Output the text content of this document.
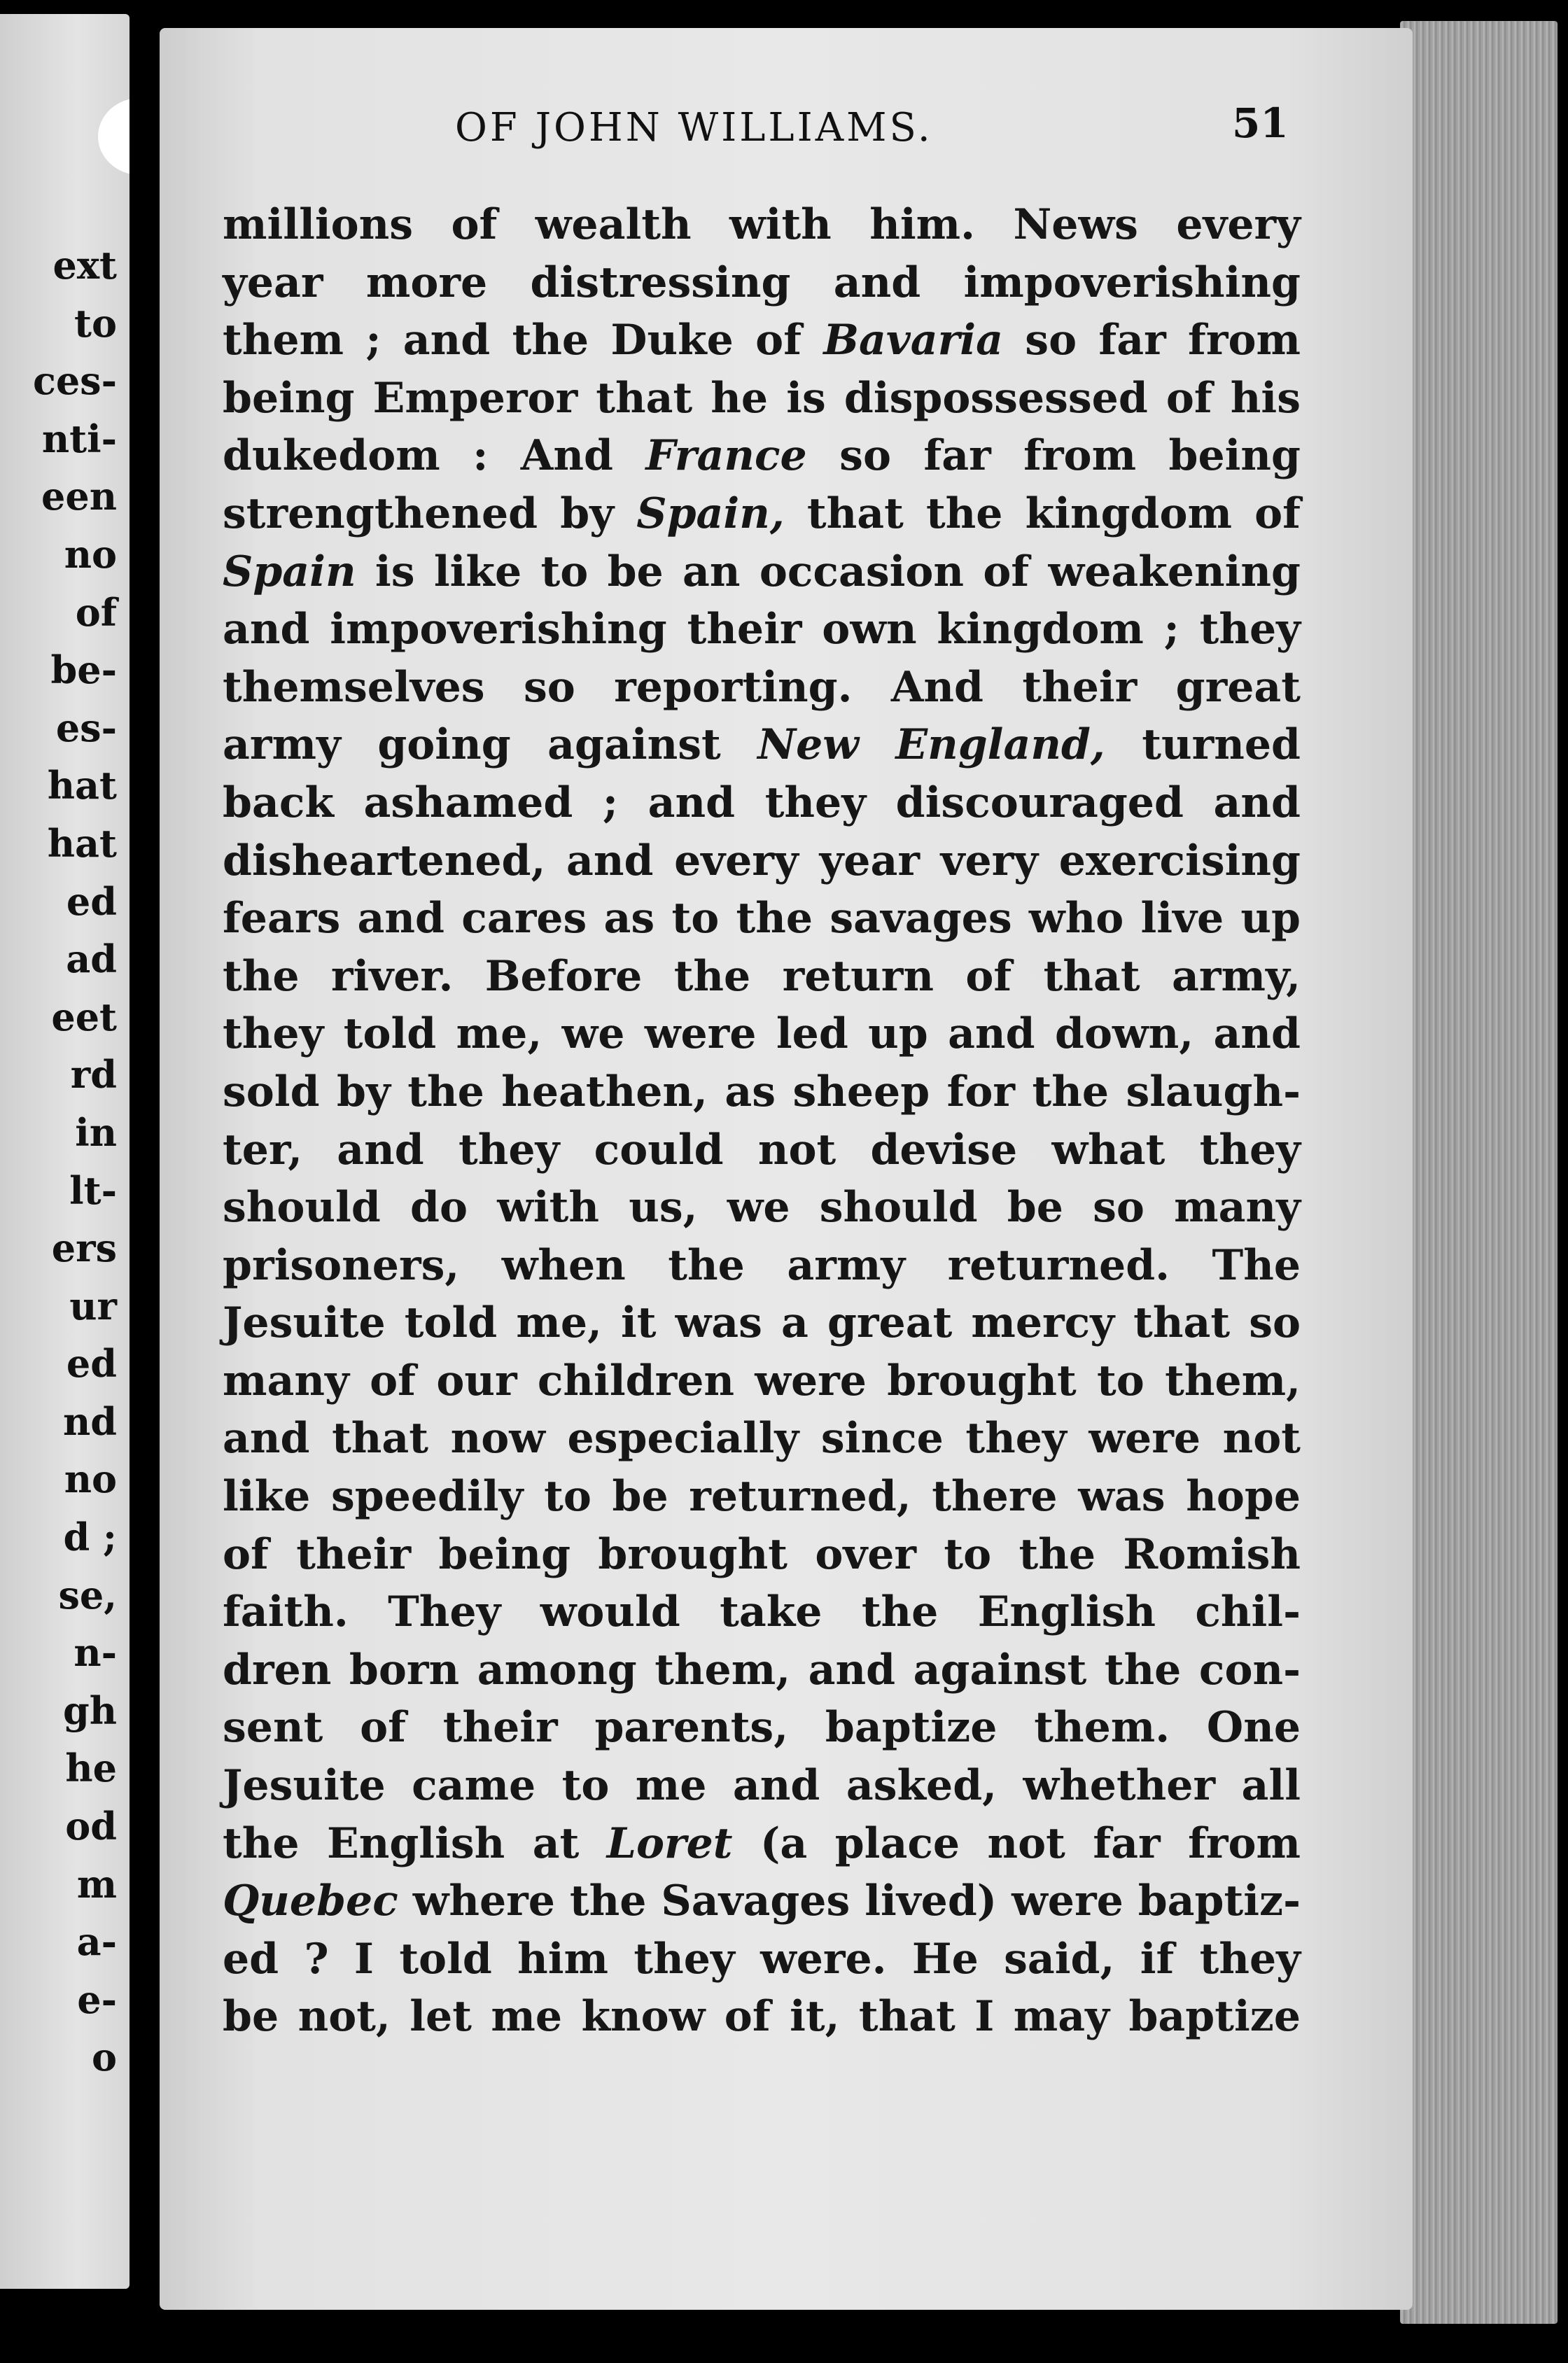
ext
to
ces-
nti-
een
no
of
be-
es-
hat
hat
ed
ad
eet
rd
in
lt-
ers
ur
ed
nd
no
d ;
se,
n-
gh
he
od
m
a-
e-
o
OF JOHN WILLIAMS.	51
millions of wealth with him. News every
year more distressing and impoverishing
them ; and the Duke of Bavaria so far from
being Emperor that he is dispossessed of his
dukedom : And France so far from being
strengthened by Spain, that the kingdom of
Spain is like to be an occasion of weakening
and impoverishing their own kingdom ; they
themselves so reporting. And their great
army going against New England, turned
back ashamed ; and they discouraged and
disheartened, and every year very exercising
fears and cares as to the savages who live up
the river. Before the return of that army,
they told me, we were led up and down, and
sold by the heathen, as sheep for the slaugh-
ter, and they could not devise what they
should do with us, we should be so many
prisoners, when the army returned. The
Jesuite told me, it was a great mercy that so
many of our children were brought to them,
and that now especially since they were not
like speedily to be returned, there was hope
of their being brought over to the Romish
faith. They would take the English chil-
dren born among them, and against the con-
sent of their parents, baptize them. One
Jesuite came to me and asked, whether all
the English at Loret (a place not far from
Quebec where the Savages lived) were baptiz-
ed ? I told him they were. He said, if they
be not, let me know of it, that I may baptize
